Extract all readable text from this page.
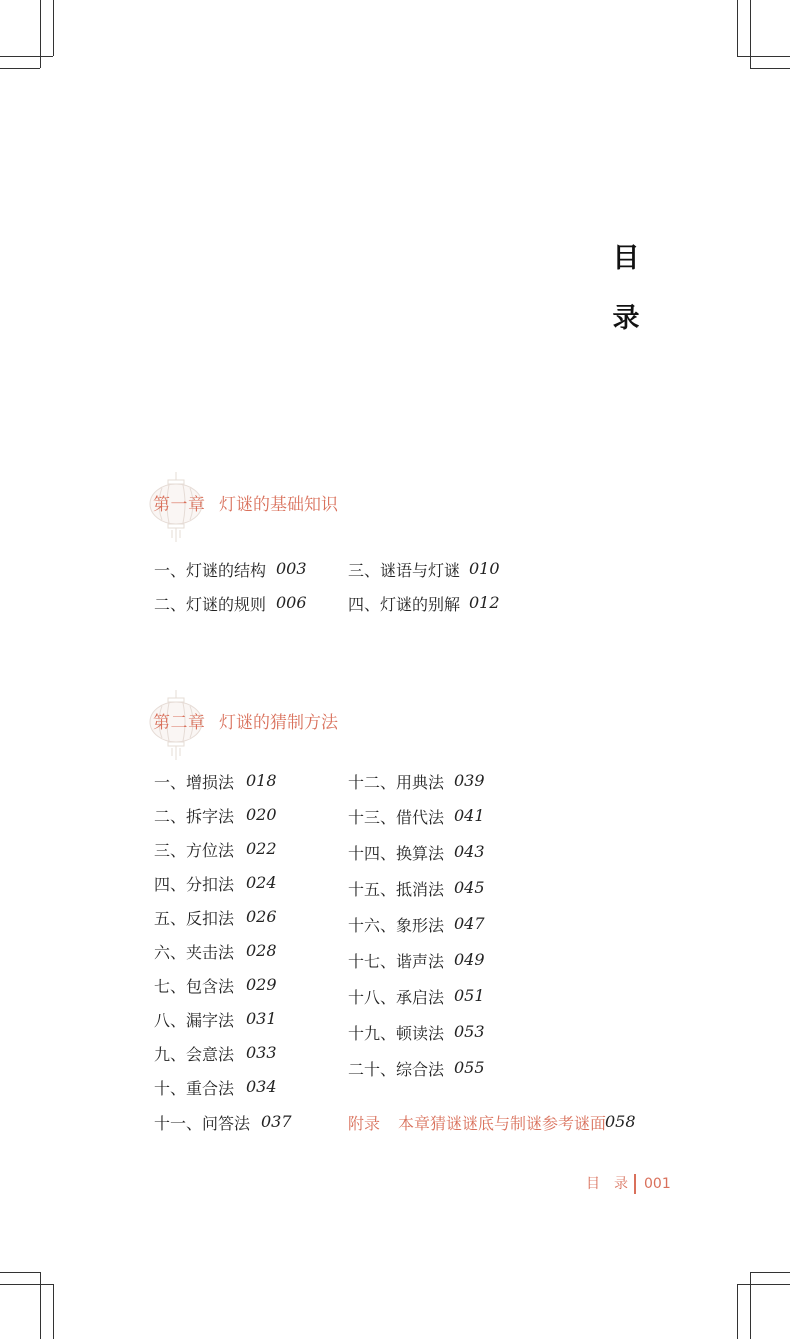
目
录
第一章 灯谜的基础知识
一、灯谜的结构 003
二、灯谜的规则 006
三、谜语与灯谜 010
四、灯谜的别解 012
第二章 灯谜的猜制方法
一、增损法 018
二、拆字法 020
三、方位法 022
四、分扣法 024
五、反扣法 026
六、夹击法 028
七、包含法 029
八、漏字法 031
九、会意法 033
十、重合法 034
十一、问答法 037
十二、用典法 039
十三、借代法 041
十四、换算法 043
十五、抵消法 045
十六、象形法 047
十七、谐声法 049
十八、承启法 051
十九、顿读法 053
二十、综合法 055
附录 本章猜谜谜底与制谜参考谜面
058
目　录 001
